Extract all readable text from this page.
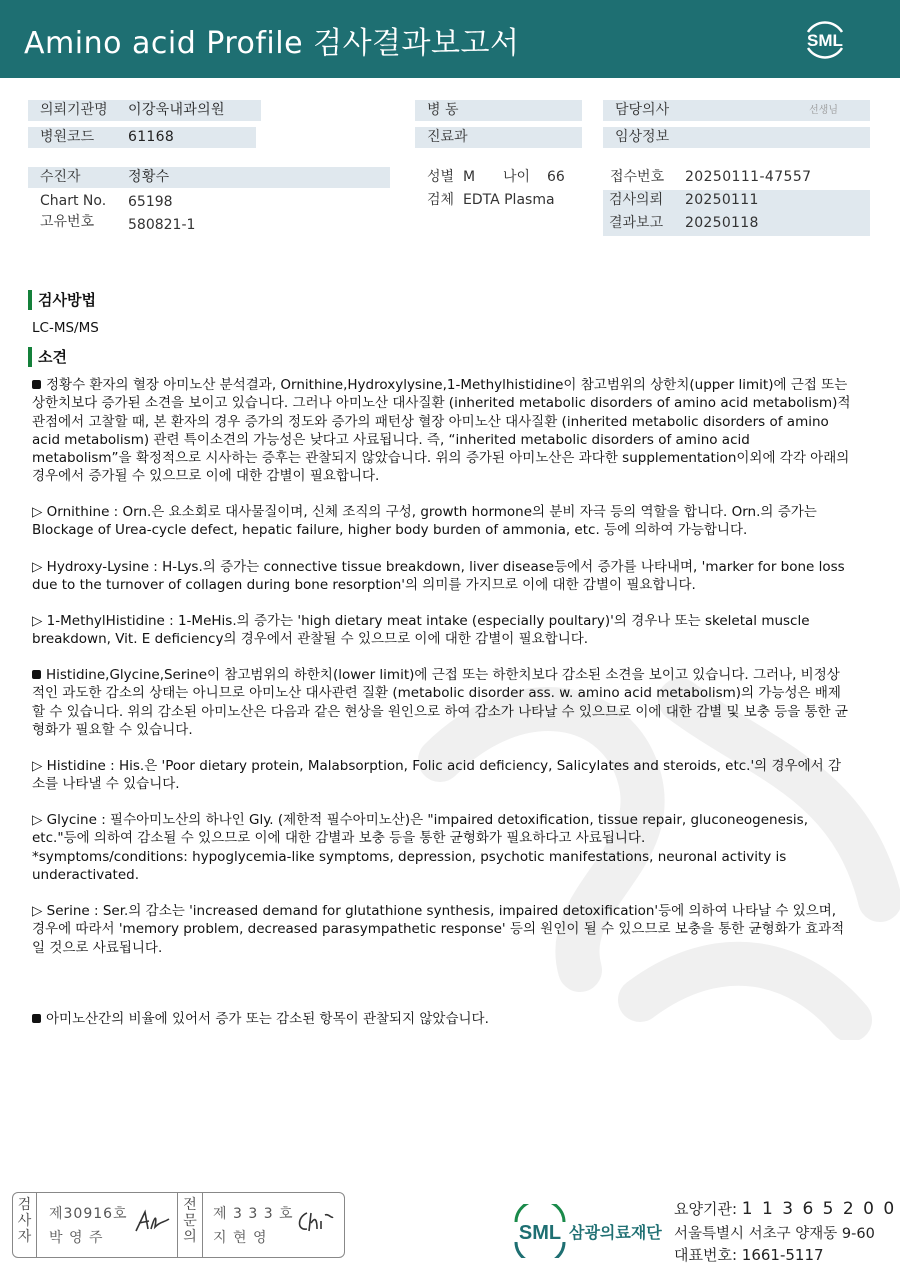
Amino acid Profile 검사결과보고서	SML
의뢰기관명 이강욱내과의원
병원코드 61168
수진자	정황수
Chart No. 65198
고유번호 580821-1
병 동
진료과
성별 M 나이 66
검체 EDTA Plasma
담당의사	선생님
임상정보
접수번호 20250111-47557
검사의뢰 20250111
결과보고 20250118
검사방법
LC-MS/MS
소견
정황수 환자의 혈장 아미노산 분석결과, Ornithine,Hydroxylysine,1-Methylhistidine이 참고범위의 상한치(upper limit)에 근접 또는 상한치보다 증가된 소견을 보이고 있습니다. 그러나 아미노산 대사질환 (inherited metabolic disorders of amino acid metabolism)적 관점에서 고찰할 때, 본 환자의 경우 증가의 정도와 증가의 패턴상 혈장 아미노산 대사질환 (inherited metabolic disorders of amino acid metabolism) 관련 특이소견의 가능성은 낮다고 사료됩니다. 즉, “inherited metabolic disorders of amino acid metabolism”을 확정적으로 시사하는 증후는 관찰되지 않았습니다. 위의 증가된 아미노산은 과다한 supplementation이외에 각각 아래의 경우에서 증가될 수 있으므로 이에 대한 감별이 필요합니다.
▷ Ornithine : Orn.은 요소회로 대사물질이며, 신체 조직의 구성, growth hormone의 분비 자극 등의 역할을 합니다. Orn.의 증가는 Blockage of Urea-cycle defect, hepatic failure, higher body burden of ammonia, etc. 등에 의하여 가능합니다.
▷ Hydroxy-Lysine : H-Lys.의 증가는 connective tissue breakdown, liver disease등에서 증가를 나타내며, 'marker for bone loss due to the turnover of collagen during bone resorption'의 의미를 가지므로 이에 대한 감별이 필요합니다.
▷ 1-MethylHistidine : 1-MeHis.의 증가는 'high dietary meat intake (especially poultary)'의 경우나 또는 skeletal muscle breakdown, Vit. E deficiency의 경우에서 관찰될 수 있으므로 이에 대한 감별이 필요합니다.
Histidine,Glycine,Serine이 참고범위의 하한치(lower limit)에 근접 또는 하한치보다 감소된 소견을 보이고 있습니다. 그러나, 비정상적인 과도한 감소의 상태는 아니므로 아미노산 대사관련 질환 (metabolic disorder ass. w. amino acid metabolism)의 가능성은 배제할 수 있습니다. 위의 감소된 아미노산은 다음과 같은 현상을 원인으로 하여 감소가 나타날 수 있으므로 이에 대한 감별 및 보충 등을 통한 균형화가 필요할 수 있습니다.
▷ Histidine : His.은 'Poor dietary protein, Malabsorption, Folic acid deficiency, Salicylates and steroids, etc.'의 경우에서 감소를 나타낼 수 있습니다.

▷ Glycine : 필수아미노산의 하나인 Gly. (제한적 필수아미노산)은 "impaired detoxification, tissue repair, gluconeogenesis, etc."등에 의하여 감소될 수 있으므로 이에 대한 감별과 보충 등을 통한 균형화가 필요하다고 사료됩니다.

*symptoms/conditions: hypoglycemia-like symptoms, depression, psychotic manifestations, neuronal activity is underactivated.

▷ Serine : Ser.의 감소는 'increased demand for glutathione synthesis, impaired detoxification'등에 의하여 나타날 수 있으며, 경우에 따라서 'memory problem, decreased parasympathetic response' 등의 원인이 될 수 있으므로 보충을 통한 균형화가 효과적일 것으로 사료됩니다.
아미노산간의 비율에 있어서 증가 또는 감소된 항목이 관찰되지 않았습니다.
검
사
자
제30916호
박 영 주
전
문
의
제 3 3 3 호
지 현 영	SML 삼광의료재단
요양기관: 1 1 3 6 5 2 0 0
서울특별시 서초구 양재동 9-60
대표번호: 1661-5117
